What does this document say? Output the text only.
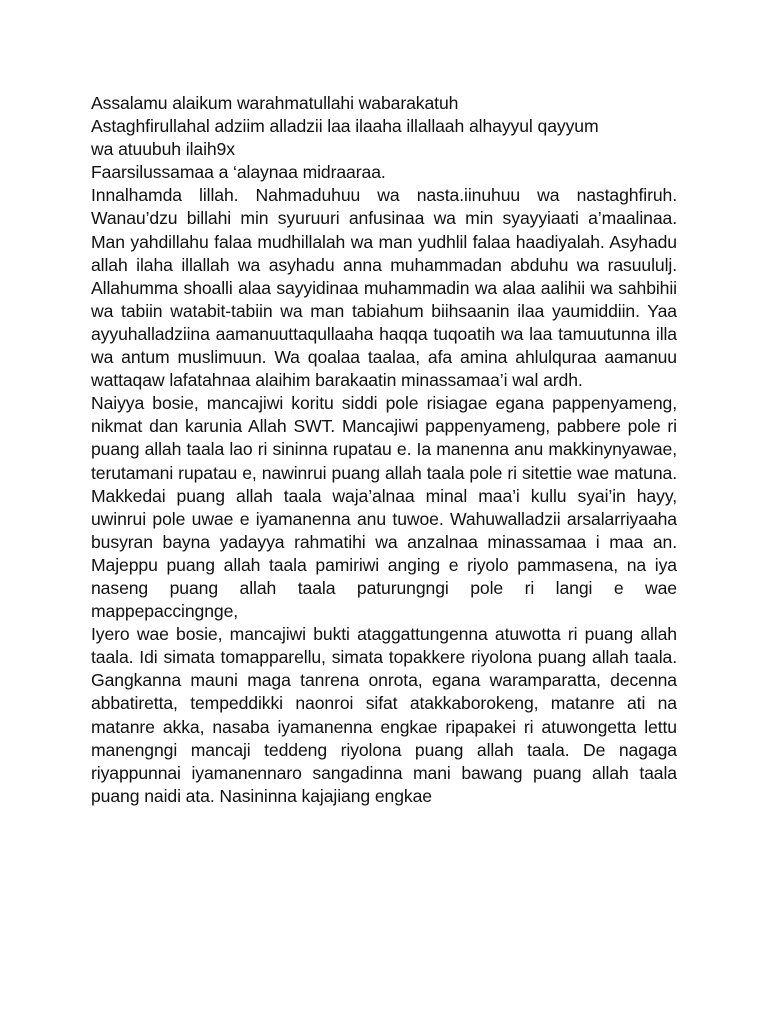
Assalamu alaikum warahmatullahi wabarakatuh

Astaghfirullahal adziim alladzii laa ilaaha illallaah alhayyul qayyum

wa atuubuh ilaih9x

Faarsilussamaa a ‘alaynaa midraaraa.

Innalhamda lillah. Nahmaduhuu wa nasta.iinuhuu wa nastaghfiruh. Wanau’dzu billahi min syuruuri anfusinaa wa min syayyiaati a’maalinaa. Man yahdillahu falaa mudhillalah wa man yudhlil falaa haadiyalah. Asyhadu allah ilaha illallah wa asyhadu anna muhammadan abduhu wa rasuululj. Allahumma shoalli alaa sayyidinaa muhammadin wa alaa aalihii wa sahbihii wa tabiin watabit-tabiin wa man tabiahum biihsaanin ilaa yaumiddiin. Yaa ayyuhalladziina aamanuuttaqullaaha haqqa tuqoatih wa laa tamuutunna illa wa antum muslimuun. Wa qoalaa taalaa, afa amina ahlulquraa aamanuu wattaqaw lafatahnaa alaihim barakaatin minassamaa’i wal ardh.

Naiyya bosie, mancajiwi koritu siddi pole risiagae egana pappenyameng, nikmat dan karunia Allah SWT. Mancajiwi pappenyameng, pabbere pole ri puang allah taala lao ri sininna rupatau e. Ia manenna anu makkinynyawae, terutamani rupatau e, nawinrui puang allah taala pole ri sitettie wae matuna. Makkedai puang allah taala waja’alnaa minal maa’i kullu syai’in hayy, uwinrui pole uwae e iyamanenna anu tuwoe. Wahuwalladzii arsalarriyaaha busyran bayna yadayya rahmatihi wa anzalnaa minassamaa i maa an. Majeppu puang allah taala pamiriwi anging e riyolo pammasena, na iya naseng puang allah taala paturungngi pole ri langi e wae mappepaccingnge,

Iyero wae bosie, mancajiwi bukti ataggattungenna atuwotta ri puang allah taala. Idi simata tomapparellu, simata topakkere riyolona puang allah taala. Gangkanna mauni maga tanrena onrota, egana waramparatta, decenna abbatiretta, tempeddikki naonroi sifat atakkaborokeng, matanre ati na matanre akka, nasaba iyamanenna engkae ripapakei ri atuwongetta lettu manengngi mancaji teddeng riyolona puang allah taala. De nagaga riyappunnai iyamanennaro sangadinna mani bawang puang allah taala puang naidi ata. Nasininna kajajiang engkae
